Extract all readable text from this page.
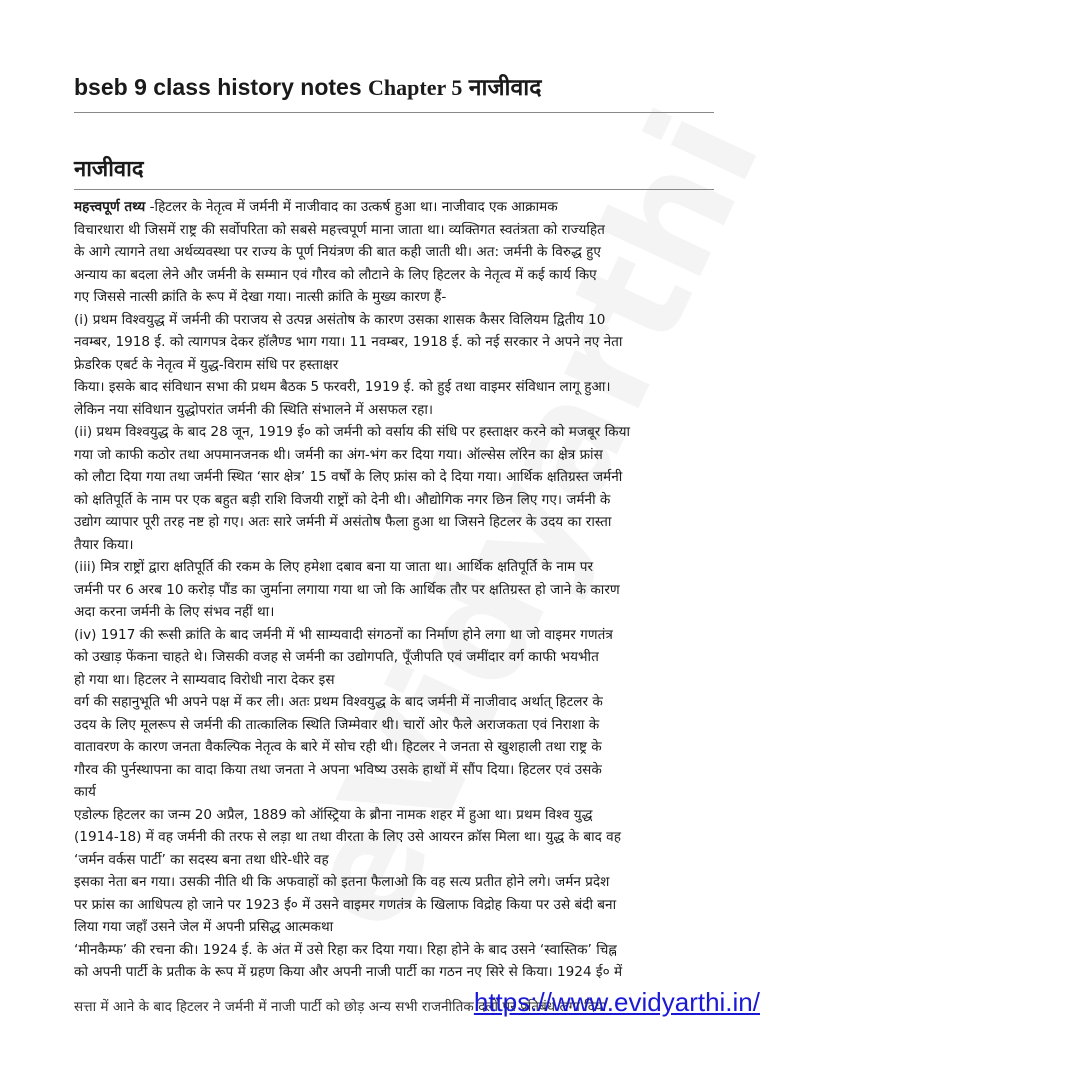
bseb 9 class history notes Chapter 5 नाजीवाद
नाजीवाद

महत्त्वपूर्ण तथ्य -हिटलर के नेतृत्व में जर्मनी में नाजीवाद का उत्कर्ष हुआ था। नाजीवाद एक आक्रामक

विचारधारा थी जिसमें राष्ट्र की सर्वोपरिता को सबसे महत्त्वपूर्ण माना जाता था। व्यक्तिगत स्वतंत्रता को राज्यहित

के आगे त्यागने तथा अर्थव्यवस्था पर राज्य के पूर्ण नियंत्रण की बात कही जाती थी। अत: जर्मनी के विरुद्ध हुए

अन्याय का बदला लेने और जर्मनी के सम्मान एवं गौरव को लौटाने के लिए हिटलर के नेतृत्व में कई कार्य किए

गए जिससे नात्सी क्रांति के रूप में देखा गया। नात्सी क्रांति के मुख्य कारण हैं-

(i) प्रथम विश्वयुद्ध में जर्मनी की पराजय से उत्पन्न असंतोष के कारण उसका शासक कैसर विलियम द्वितीय 10

नवम्बर, 1918 ई. को त्यागपत्र देकर हॉलैण्ड भाग गया। 11 नवम्बर, 1918 ई. को नई सरकार ने अपने नए नेता

फ्रेडरिक एबर्ट के नेतृत्व में युद्ध-विराम संधि पर हस्ताक्षर

किया। इसके बाद संविधान सभा की प्रथम बैठक 5 फरवरी, 1919 ई. को हुई तथा वाइमर संविधान लागू हुआ।

लेकिन नया संविधान युद्धोपरांत जर्मनी की स्थिति संभालने में असफल रहा।

(ii) प्रथम विश्वयुद्ध के बाद 28 जून, 1919 ई० को जर्मनी को वर्साय की संधि पर हस्ताक्षर करने को मजबूर किया

गया जो काफी कठोर तथा अपमानजनक थी। जर्मनी का अंग-भंग कर दिया गया। ऑल्सेस लॉरेन का क्षेत्र फ्रांस

को लौटा दिया गया तथा जर्मनी स्थित ‘सार क्षेत्र’ 15 वर्षों के लिए फ्रांस को दे दिया गया। आर्थिक क्षतिग्रस्त जर्मनी

को क्षतिपूर्ति के नाम पर एक बहुत बड़ी राशि विजयी राष्ट्रों को देनी थी। औद्योगिक नगर छिन लिए गए। जर्मनी के

उद्योग व्यापार पूरी तरह नष्ट हो गए। अतः सारे जर्मनी में असंतोष फैला हुआ था जिसने हिटलर के उदय का रास्ता

तैयार किया।

(iii) मित्र राष्ट्रों द्वारा क्षतिपूर्ति की रकम के लिए हमेशा दबाव बना या जाता था। आर्थिक क्षतिपूर्ति के नाम पर

जर्मनी पर 6 अरब 10 करोड़ पौंड का जुर्माना लगाया गया था जो कि आर्थिक तौर पर क्षतिग्रस्त हो जाने के कारण

अदा करना जर्मनी के लिए संभव नहीं था।

(iv) 1917 की रूसी क्रांति के बाद जर्मनी में भी साम्यवादी संगठनों का निर्माण होने लगा था जो वाइमर गणतंत्र

को उखाड़ फेंकना चाहते थे। जिसकी वजह से जर्मनी का उद्योगपति, पूँजीपति एवं जमींदार वर्ग काफी भयभीत

हो गया था। हिटलर ने साम्यवाद विरोधी नारा देकर इस

वर्ग की सहानुभूति भी अपने पक्ष में कर ली। अतः प्रथम विश्वयुद्ध के बाद जर्मनी में नाजीवाद अर्थात् हिटलर के

उदय के लिए मूलरूप से जर्मनी की तात्कालिक स्थिति जिम्मेवार थी। चारों ओर फैले अराजकता एवं निराशा के

वातावरण के कारण जनता वैकल्पिक नेतृत्व के बारे में सोच रही थी। हिटलर ने जनता से खुशहाली तथा राष्ट्र के

गौरव की पुर्नस्थापना का वादा किया तथा जनता ने अपना भविष्य उसके हाथों में सौंप दिया। हिटलर एवं उसके

कार्य

एडोल्फ हिटलर का जन्म 20 अप्रैल, 1889 को ऑस्ट्रिया के ब्रौना नामक शहर में हुआ था। प्रथम विश्व युद्ध

(1914-18) में वह जर्मनी की तरफ से लड़ा था तथा वीरता के लिए उसे आयरन क्रॉस मिला था। युद्ध के बाद वह

‘जर्मन वर्कस पार्टी’ का सदस्य बना तथा धीरे-धीरे वह

इसका नेता बन गया। उसकी नीति थी कि अफवाहों को इतना फैलाओ कि वह सत्य प्रतीत होने लगे। जर्मन प्रदेश

पर फ्रांस का आधिपत्य हो जाने पर 1923 ई० में उसने वाइमर गणतंत्र के खिलाफ विद्रोह किया पर उसे बंदी बना

लिया गया जहाँ उसने जेल में अपनी प्रसिद्ध आत्मकथा

‘मीनकैम्फ’ की रचना की। 1924 ई. के अंत में उसे रिहा कर दिया गया। रिहा होने के बाद उसने ‘स्वास्तिक’ चिह्न

को अपनी पार्टी के प्रतीक के रूप में ग्रहण किया और अपनी नाजी पार्टी का गठन नए सिरे से किया। 1924 ई० में

सत्ता में आने के बाद हिटलर ने जर्मनी में नाजी पार्टी को छोड़ अन्य सभी राजनीतिक दलों पर प्रतिबंध लगा दिया

https://www.evidyarthi.in/
